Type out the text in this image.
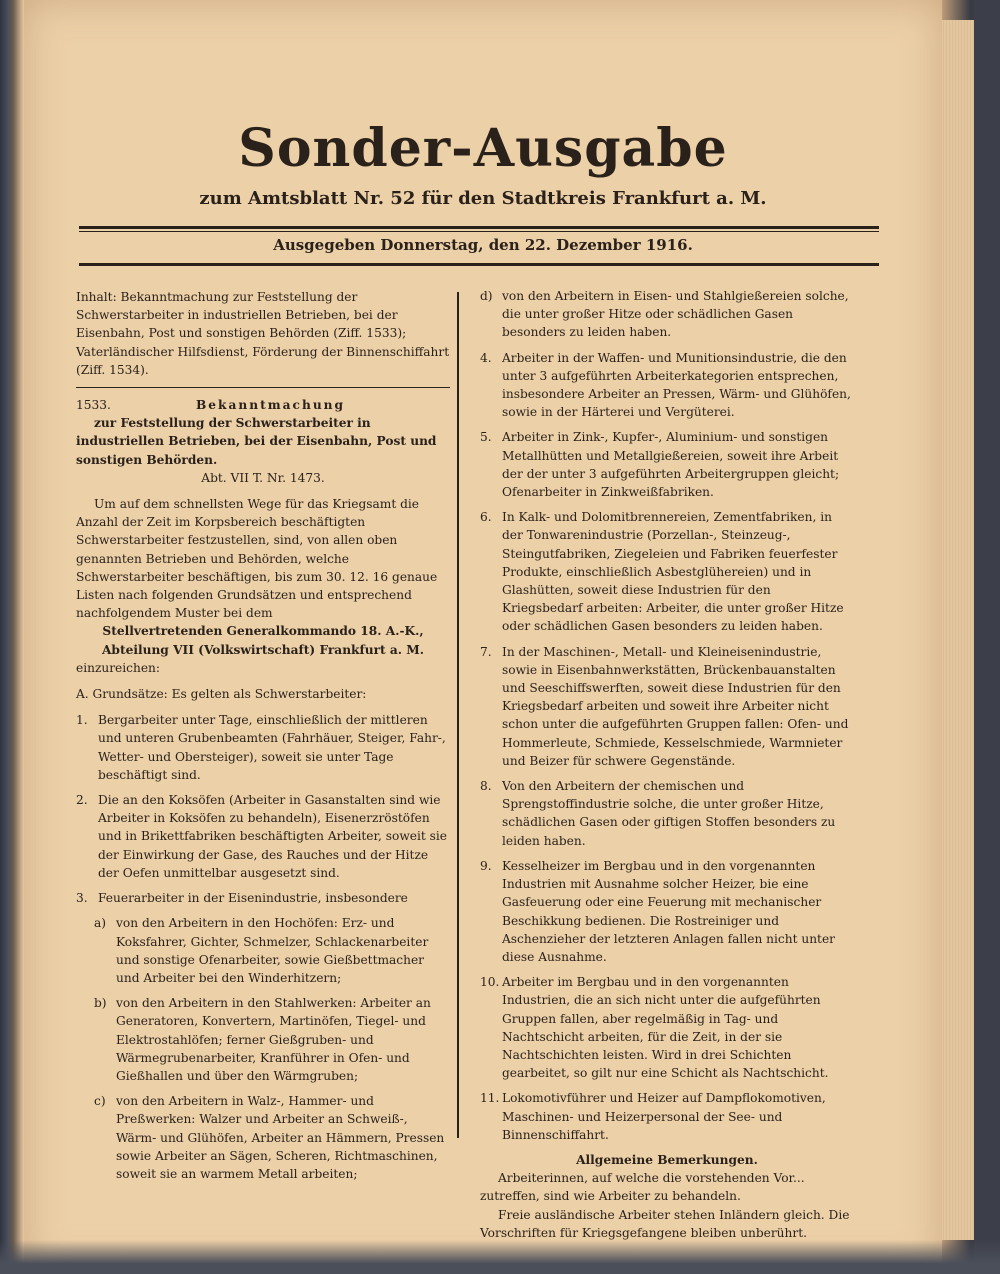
Sonder-Ausgabe
zum Amtsblatt Nr. 52 für den Stadtkreis Frankfurt a. M.
Ausgegeben Donnerstag, den 22. Dezember 1916.

Inhalt: Bekanntmachung zur Feststellung der Schwerstarbeiter in industriellen Betrieben, bei der Eisenbahn, Post und sonstigen Behörden (Ziff. 1533); Vaterländischer Hilfsdienst, Förderung der Binnenschiffahrt (Ziff. 1534).

1533.	Bekanntmachung

zur Feststellung der Schwerstarbeiter in industriellen Betrieben, bei der Eisenbahn, Post und sonstigen Behörden.

Abt. VII T. Nr. 1473.

Um auf dem schnellsten Wege für das Kriegsamt die Anzahl der Zeit im Korpsbereich beschäftigten Schwerstarbeiter festzustellen, sind, von allen oben genannten Betrieben und Behörden, welche Schwerstarbeiter beschäftigen, bis zum 30. 12. 16 genaue Listen nach folgenden Grundsätzen und entsprechend nachfolgendem Muster bei dem

Stellvertretenden Generalkommando 18. A.-K., Abteilung VII (Volkswirtschaft) Frankfurt a. M.

einzureichen:

A. Grundsätze: Es gelten als Schwerstarbeiter:

1. Bergarbeiter unter Tage, einschließlich der mittleren und unteren Grubenbeamten (Fahrhäuer, Steiger, Fahr-, Wetter- und Obersteiger), soweit sie unter Tage beschäftigt sind.
2. Die an den Koksöfen (Arbeiter in Gasanstalten sind wie Arbeiter in Koksöfen zu behandeln), Eisenerzröstöfen und in Brikettfabriken beschäftigten Arbeiter, soweit sie der Einwirkung der Gase, des Rauches und der Hitze der Oefen unmittelbar ausgesetzt sind.
3. Feuerarbeiter in der Eisenindustrie, insbesondere
a) von den Arbeitern in den Hochöfen: Erz- und Koksfahrer, Gichter, Schmelzer, Schlackenarbeiter und sonstige Ofenarbeiter, sowie Gießbettmacher und Arbeiter bei den Winderhitzern;
b) von den Arbeitern in den Stahlwerken: Arbeiter an Generatoren, Konvertern, Martinöfen, Tiegel- und Elektrostahlöfen; ferner Gießgruben- und Wärmegrubenarbeiter, Kranführer in Ofen- und Gießhallen und über den Wärmgruben;
c) von den Arbeitern in Walz-, Hammer- und Preßwerken: Walzer und Arbeiter an Schweiß-, Wärm- und Glühöfen, Arbeiter an Hämmern, Pressen sowie Arbeiter an Sägen, Scheren, Richtmaschinen, soweit sie an warmem Metall arbeiten;
d) von den Arbeitern in Eisen- und Stahlgießereien solche, die unter großer Hitze oder schädlichen Gasen besonders zu leiden haben.
4. Arbeiter in der Waffen- und Munitionsindustrie, die den unter 3 aufgeführten Arbeiterkategorien entsprechen, insbesondere Arbeiter an Pressen, Wärm- und Glühöfen, sowie in der Härterei und Vergüterei.
5. Arbeiter in Zink-, Kupfer-, Aluminium- und sonstigen Metallhütten und Metallgießereien, soweit ihre Arbeit der der unter 3 aufgeführten Arbeitergruppen gleicht; Ofenarbeiter in Zinkweißfabriken.
6. In Kalk- und Dolomitbrennereien, Zementfabriken, in der Tonwarenindustrie (Porzellan-, Steinzeug-, Steingutfabriken, Ziegeleien und Fabriken feuerfester Produkte, einschließlich Asbestglühereien) und in Glashütten, soweit diese Industrien für den Kriegsbedarf arbeiten: Arbeiter, die unter großer Hitze oder schädlichen Gasen besonders zu leiden haben.
7. In der Maschinen-, Metall- und Kleineisenindustrie, sowie in Eisenbahnwerkstätten, Brückenbauanstalten und Seeschiffswerften, soweit diese Industrien für den Kriegsbedarf arbeiten und soweit ihre Arbeiter nicht schon unter die aufgeführten Gruppen fallen: Ofen- und Hommerleute, Schmiede, Kesselschmiede, Warmnieter und Beizer für schwere Gegenstände.
8. Von den Arbeitern der chemischen und Sprengstoffindustrie solche, die unter großer Hitze, schädlichen Gasen oder giftigen Stoffen besonders zu leiden haben.
9. Kesselheizer im Bergbau und in den vorgenannten Industrien mit Ausnahme solcher Heizer, bie eine Gasfeuerung oder eine Feuerung mit mechanischer Beschikkung bedienen. Die Rostreiniger und Aschenzieher der letzteren Anlagen fallen nicht unter diese Ausnahme.
10. Arbeiter im Bergbau und in den vorgenannten Industrien, die an sich nicht unter die aufgeführten Gruppen fallen, aber regelmäßig in Tag- und Nachtschicht arbeiten, für die Zeit, in der sie Nachtschichten leisten. Wird in drei Schichten gearbeitet, so gilt nur eine Schicht als Nachtschicht.
11. Lokomotivführer und Heizer auf Dampflokomotiven, Maschinen- und Heizerpersonal der See- und Binnenschiffahrt.

Allgemeine Bemerkungen.

Arbeiterinnen, auf welche die vorstehenden Vor... zutreffen, sind wie Arbeiter zu behandeln.

Freie ausländische Arbeiter stehen Inländern gleich. Die Vorschriften für Kriegsgefangene bleiben unberührt.
